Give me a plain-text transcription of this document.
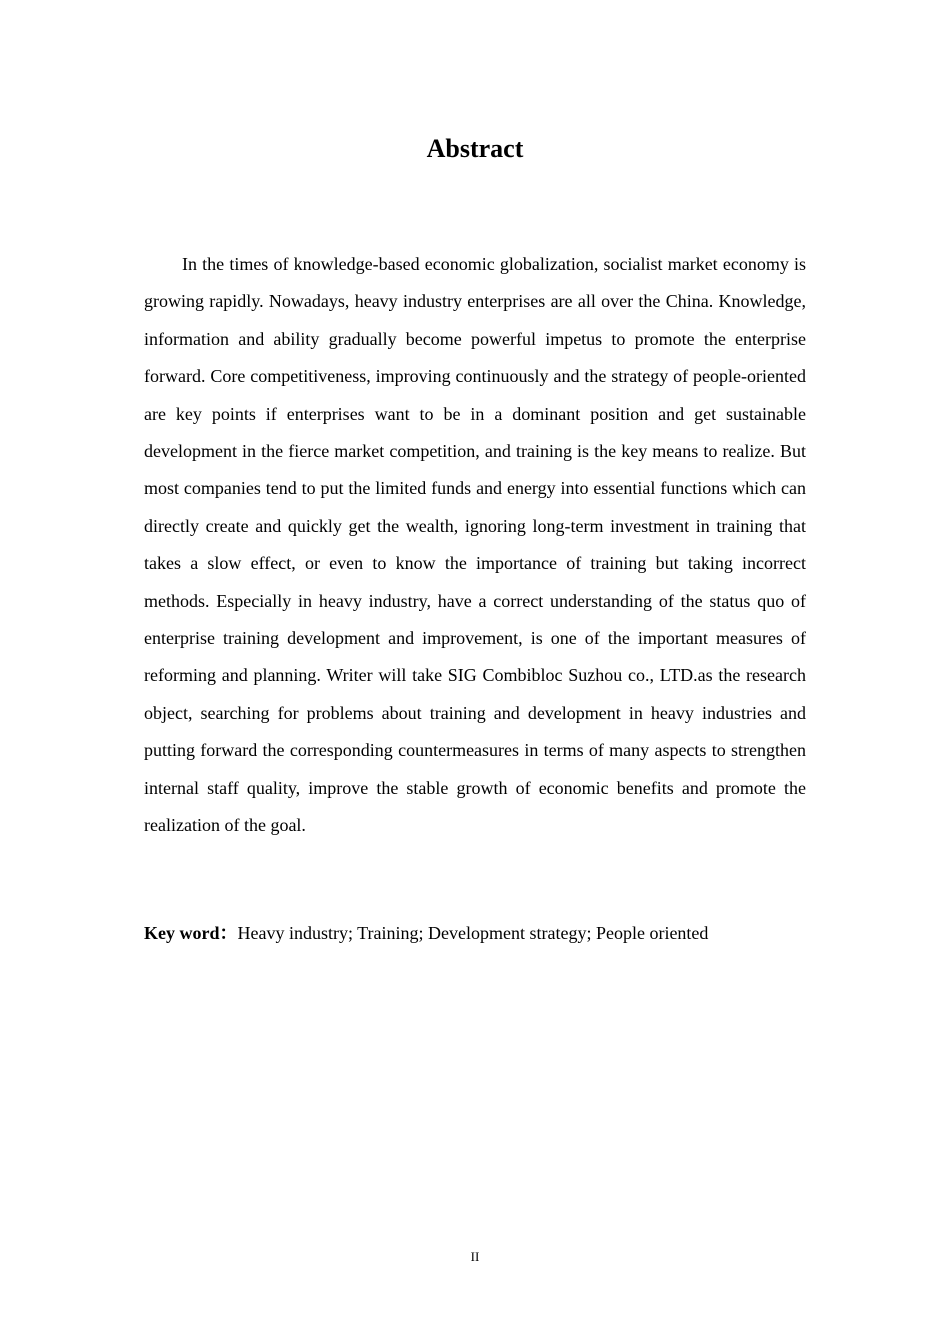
Abstract

In the times of knowledge-based economic globalization, socialist market economy is growing rapidly. Nowadays, heavy industry enterprises are all over the China. Knowledge, information and ability gradually become powerful impetus to promote the enterprise forward. Core competitiveness, improving continuously and the strategy of people-oriented are key points if enterprises want to be in a dominant position and get sustainable development in the fierce market competition, and training is the key means to realize. But most companies tend to put the limited funds and energy into essential functions which can directly create and quickly get the wealth, ignoring long-term investment in training that takes a slow effect, or even to know the importance of training but taking incorrect methods. Especially in heavy industry, have a correct understanding of the status quo of enterprise training development and improvement, is one of the important measures of reforming and planning. Writer will take SIG Combibloc Suzhou co., LTD.as the research object, searching for problems about training and development in heavy industries and putting forward the corresponding countermeasures in terms of many aspects to strengthen internal staff quality, improve the stable growth of economic benefits and promote the realization of the goal.

Key word：Heavy industry; Training; Development strategy; People oriented

II
